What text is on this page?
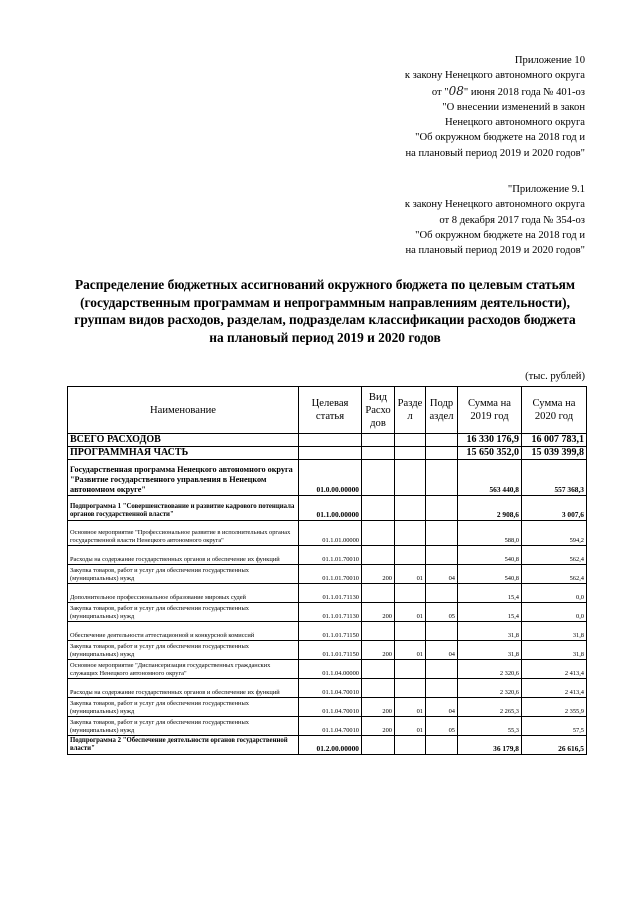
Приложение 10
к закону Ненецкого автономного округа
от "08" июня 2018 года № 401-оз
"О внесении изменений в закон
Ненецкого автономного округа
"Об окружном бюджете на 2018 год и
на плановый период 2019 и 2020 годов"
"Приложение 9.1
к закону Ненецкого автономного округа
от 8 декабря 2017 года № 354-оз
"Об окружном бюджете на 2018 год и
на плановый период 2019 и 2020 годов"
Распределение бюджетных ассигнований окружного бюджета по целевым статьям
(государственным программам и непрограммным направлениям деятельности),
группам видов расходов, разделам, подразделам классификации расходов бюджета
на плановый период 2019 и 2020 годов
(тыс. рублей)
Наименование	Целевая статья	Вид Расхо дов	Разде л	Подр аздел	Сумма на 2019 год	Сумма на 2020 год
ВСЕГО РАСХОДОВ					16 330 176,9	16 007 783,1
ПРОГРАММНАЯ ЧАСТЬ					15 650 352,0	15 039 399,8
Государственная программа Ненецкого автономного округа "Развитие государственного управления в Ненецком автономном округе"	01.0.00.00000				563 440,8	557 368,3
Подпрограмма 1 "Совершенствование и развитие кадрового потенциала органов государственной власти"	01.1.00.00000				2 908,6	3 007,6
Основное мероприятие "Профессиональное развитие в исполнительных органах государственной власти Ненецкого автономного округа"	01.1.01.00000				588,0	594,2
Расходы на содержание государственных органов и обеспечение их функций	01.1.01.70010				540,8	562,4
Закупка товаров, работ и услуг для обеспечения государственных (муниципальных) нужд	01.1.01.70010	200	01	04	540,8	562,4
Дополнительное профессиональное образование мировых судей	01.1.01.71130				15,4	0,0
Закупка товаров, работ и услуг для обеспечения государственных (муниципальных) нужд	01.1.01.71130	200	01	05	15,4	0,0
Обеспечение деятельности аттестационной и конкурсной комиссий	01.1.01.71150				31,8	31,8
Закупка товаров, работ и услуг для обеспечения государственных (муниципальных) нужд	01.1.01.71150	200	01	04	31,8	31,8
Основное мероприятие "Диспансеризация государственных гражданских служащих Ненецкого автономного округа"	01.1.04.00000				2 320,6	2 413,4
Расходы на содержание государственных органов и обеспечение их функций	01.1.04.70010				2 320,6	2 413,4
Закупка товаров, работ и услуг для обеспечения государственных (муниципальных) нужд	01.1.04.70010	200	01	04	2 265,3	2 355,9
Закупка товаров, работ и услуг для обеспечения государственных (муниципальных) нужд	01.1.04.70010	200	01	05	55,3	57,5
Подпрограмма 2 "Обеспечение деятельности органов государственной власти"	01.2.00.00000				36 179,8	26 616,5
